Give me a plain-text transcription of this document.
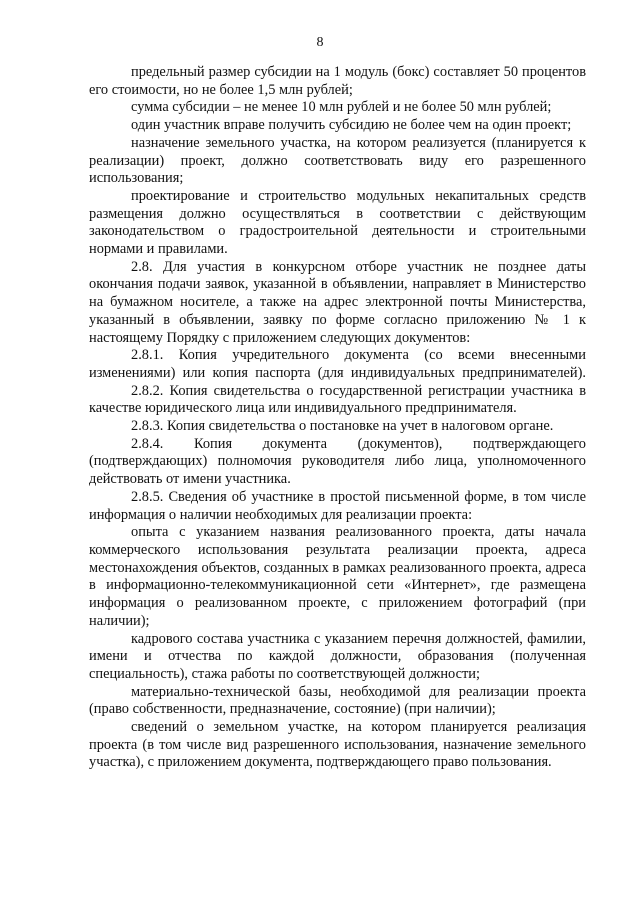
8

предельный размер субсидии на 1 модуль (бокс) составляет 50 процентов его стоимости, но не более 1,5 млн рублей;

сумма субсидии – не менее 10 млн рублей и не более 50 млн рублей;

один участник вправе получить субсидию не более чем на один проект;

назначение земельного участка, на котором реализуется (планируется к реализации) проект, должно соответствовать виду его разрешенного использования;

проектирование и строительство модульных некапитальных средств размещения должно осуществляться в соответствии с действующим законодательством о градостроительной деятельности и строительными нормами и правилами.

2.8. Для участия в конкурсном отборе участник не позднее даты окончания подачи заявок, указанной в объявлении, направляет в Министерство на бумажном носителе, а также на адрес электронной почты Министерства, указанный в объявлении, заявку по форме согласно приложению № 1 к настоящему Порядку с приложением следующих документов:

2.8.1. Копия учредительного документа (со всеми внесенными изменениями) или копия паспорта (для индивидуальных предпринимателей).

2.8.2. Копия свидетельства о государственной регистрации участника в качестве юридического лица или индивидуального предпринимателя.

2.8.3. Копия свидетельства о постановке на учет в налоговом органе.

2.8.4. Копия документа (документов), подтверждающего (подтверждающих) полномочия руководителя либо лица, уполномоченного действовать от имени участника.

2.8.5. Сведения об участнике в простой письменной форме, в том числе информация о наличии необходимых для реализации проекта:

опыта с указанием названия реализованного проекта, даты начала коммерческого использования результата реализации проекта, адреса местонахождения объектов, созданных в рамках реализованного проекта, адреса в информационно-телекоммуникационной сети «Интернет», где размещена информация о реализованном проекте, с приложением фотографий (при наличии);

кадрового состава участника с указанием перечня должностей, фамилии, имени и отчества по каждой должности, образования (полученная специальность), стажа работы по соответствующей должности;

материально-технической базы, необходимой для реализации проекта (право собственности, предназначение, состояние) (при наличии);

сведений о земельном участке, на котором планируется реализация проекта (в том числе вид разрешенного использования, назначение земельного участка), с приложением документа, подтверждающего право пользования.
